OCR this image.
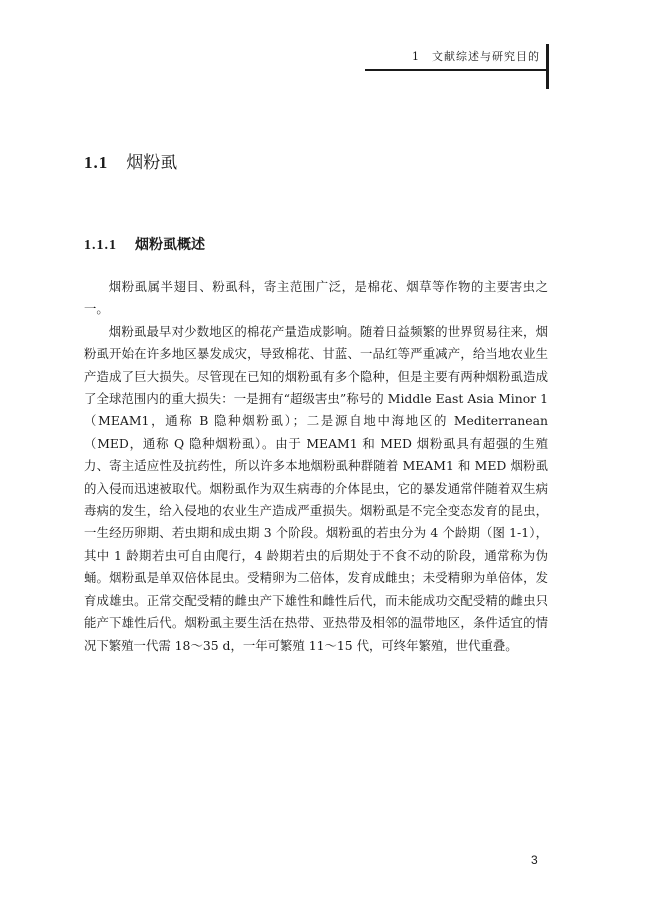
1 文献综述与研究目的
1.1 烟粉虱
1.1.1 烟粉虱概述

烟粉虱属半翅目、粉虱科，寄主范围广泛，是棉花、烟草等作物的主要害虫之一。

烟粉虱最早对少数地区的棉花产量造成影响。随着日益频繁的世界贸易往来，烟粉虱开始在许多地区暴发成灾，导致棉花、甘蓝、一品红等严重减产，给当地农业生产造成了巨大损失。尽管现在已知的烟粉虱有多个隐种，但是主要有两种烟粉虱造成了全球范围内的重大损失：一是拥有“超级害虫”称号的 Middle East Asia Minor 1（MEAM1，通称 B 隐种烟粉虱）；二是源自地中海地区的 Mediterranean（MED，通称 Q 隐种烟粉虱）。由于 MEAM1 和 MED 烟粉虱具有超强的生殖力、寄主适应性及抗药性，所以许多本地烟粉虱种群随着 MEAM1 和 MED 烟粉虱的入侵而迅速被取代。烟粉虱作为双生病毒的介体昆虫，它的暴发通常伴随着双生病毒病的发生，给入侵地的农业生产造成严重损失。烟粉虱是不完全变态发育的昆虫，一生经历卵期、若虫期和成虫期 3 个阶段。烟粉虱的若虫分为 4 个龄期（图 1-1），其中 1 龄期若虫可自由爬行，4 龄期若虫的后期处于不食不动的阶段，通常称为伪蛹。烟粉虱是单双倍体昆虫。受精卵为二倍体，发育成雌虫；未受精卵为单倍体，发育成雄虫。正常交配受精的雌虫产下雄性和雌性后代，而未能成功交配受精的雌虫只能产下雄性后代。烟粉虱主要生活在热带、亚热带及相邻的温带地区，条件适宜的情况下繁殖一代需 18～35 d，一年可繁殖 11～15 代，可终年繁殖，世代重叠。

3
